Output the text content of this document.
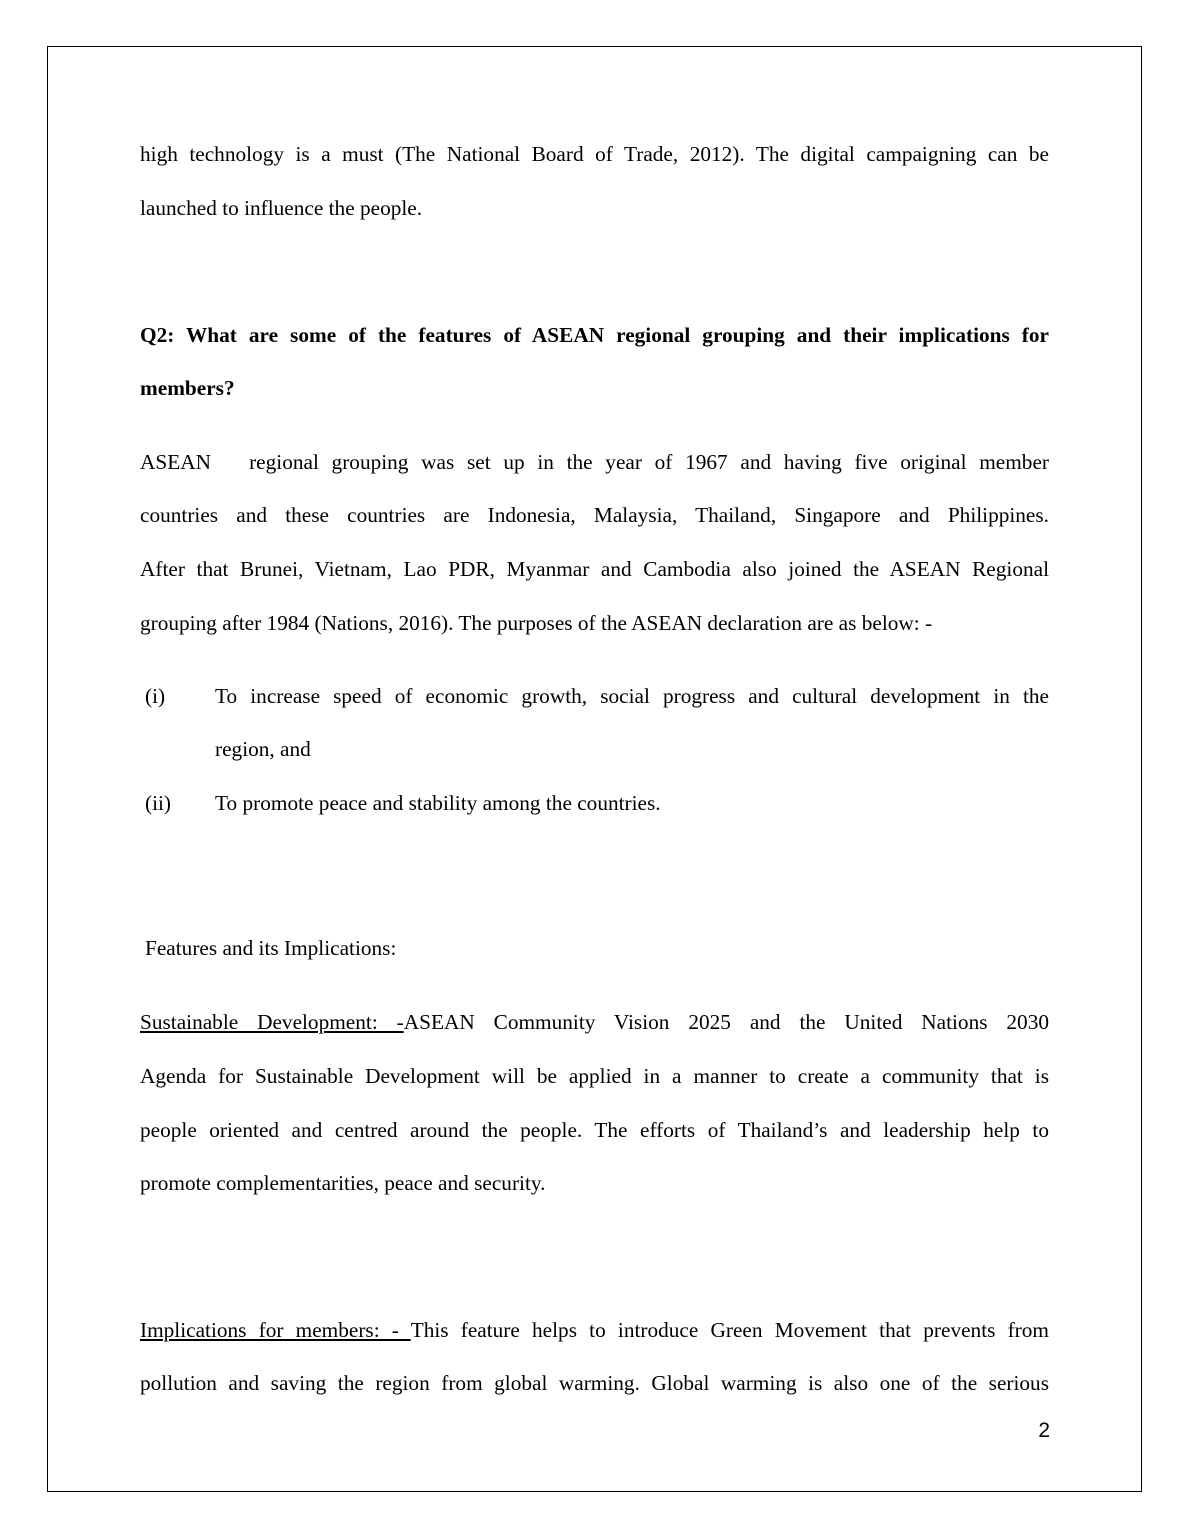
high technology is a must (The National Board of Trade, 2012). The digital campaigning can be
launched to influence the people.
Q2: What are some of the features of ASEAN regional grouping and their implications for
members?
ASEAN   regional grouping was set up in the year of 1967 and having five original member
countries and these countries are Indonesia, Malaysia, Thailand, Singapore and Philippines.
After that Brunei, Vietnam, Lao PDR, Myanmar and Cambodia also joined the ASEAN Regional
grouping after 1984 (Nations, 2016). The purposes of the ASEAN declaration are as below: -
(i) To increase speed of economic growth, social progress and cultural development in the
region, and
(ii) To promote peace and stability among the countries.
Features and its Implications:
Sustainable Development: -ASEAN Community Vision 2025 and the United Nations 2030
Agenda for Sustainable Development will be applied in a manner to create a community that is
people oriented and centred around the people. The efforts of Thailand’s and leadership help to
promote complementarities, peace and security.
Implications for members: - This feature helps to introduce Green Movement that prevents from
pollution and saving the region from global warming. Global warming is also one of the serious
2
